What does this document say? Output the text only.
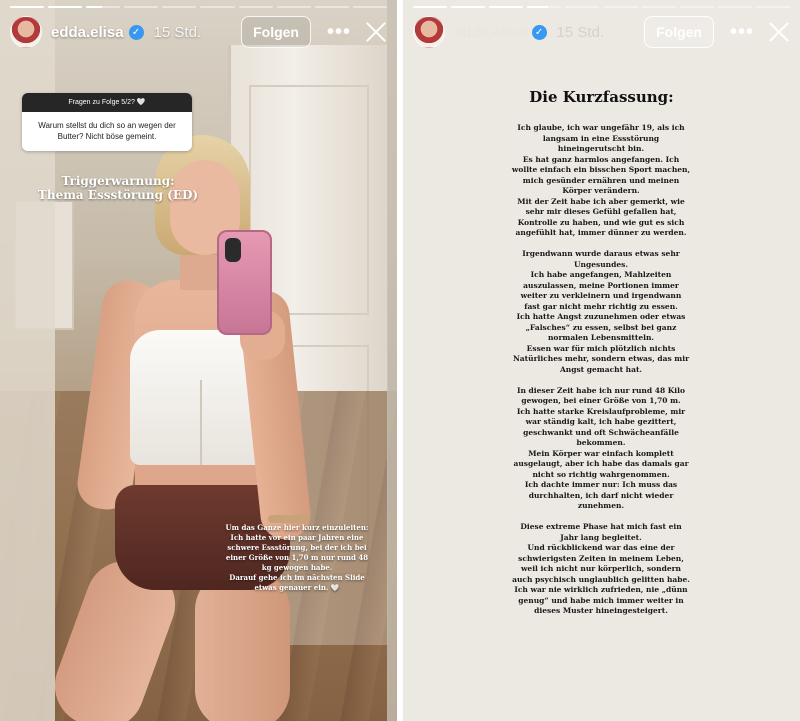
edda.elisa ✓ 15 Std.	Folgen	•••
Fragen zu Folge 5/2? 🤍
Warum stellst du dich so an wegen der Butter? Nicht böse gemeint.
Triggerwarnung:
Thema Essstörung (ED)
Um das Ganze hier kurz einzuleiten:
Ich hatte vor ein paar Jahren eine
schwere Essstörung, bei der ich bei
einer Größe von 1,70 m nur rund 48
kg gewogen habe.
Darauf gehe ich im nächsten Slide
etwas genauer ein. 🤍
edda.elisa ✓ 15 Std.	Folgen	•••
Die Kurzfassung:

Ich glaube, ich war ungefähr 19, als ich
langsam in eine Essstörung
hineingerutscht bin.
Es hat ganz harmlos angefangen. Ich
wollte einfach ein bisschen Sport machen,
mich gesünder ernähren und meinen
Körper verändern.
Mit der Zeit habe ich aber gemerkt, wie
sehr mir dieses Gefühl gefallen hat,
Kontrolle zu haben, und wie gut es sich
angefühlt hat, immer dünner zu werden.

Irgendwann wurde daraus etwas sehr
Ungesundes.
Ich habe angefangen, Mahlzeiten
auszulassen, meine Portionen immer
weiter zu verkleinern und irgendwann
fast gar nicht mehr richtig zu essen.
Ich hatte Angst zuzunehmen oder etwas
„Falsches“ zu essen, selbst bei ganz
normalen Lebensmitteln.
Essen war für mich plötzlich nichts
Natürliches mehr, sondern etwas, das mir
Angst gemacht hat.

In dieser Zeit habe ich nur rund 48 Kilo
gewogen, bei einer Größe von 1,70 m.
Ich hatte starke Kreislaufprobleme, mir
war ständig kalt, ich habe gezittert,
geschwankt und oft Schwächeanfälle
bekommen.
Mein Körper war einfach komplett
ausgelaugt, aber ich habe das damals gar
nicht so richtig wahrgenommen.
Ich dachte immer nur: Ich muss das
durchhalten, ich darf nicht wieder
zunehmen.

Diese extreme Phase hat mich fast ein
Jahr lang begleitet.
Und rückblickend war das eine der
schwierigsten Zeiten in meinem Leben,
weil ich nicht nur körperlich, sondern
auch psychisch unglaublich gelitten habe.
Ich war nie wirklich zufrieden, nie „dünn
genug“ und habe mich immer weiter in
dieses Muster hineingesteigert.
